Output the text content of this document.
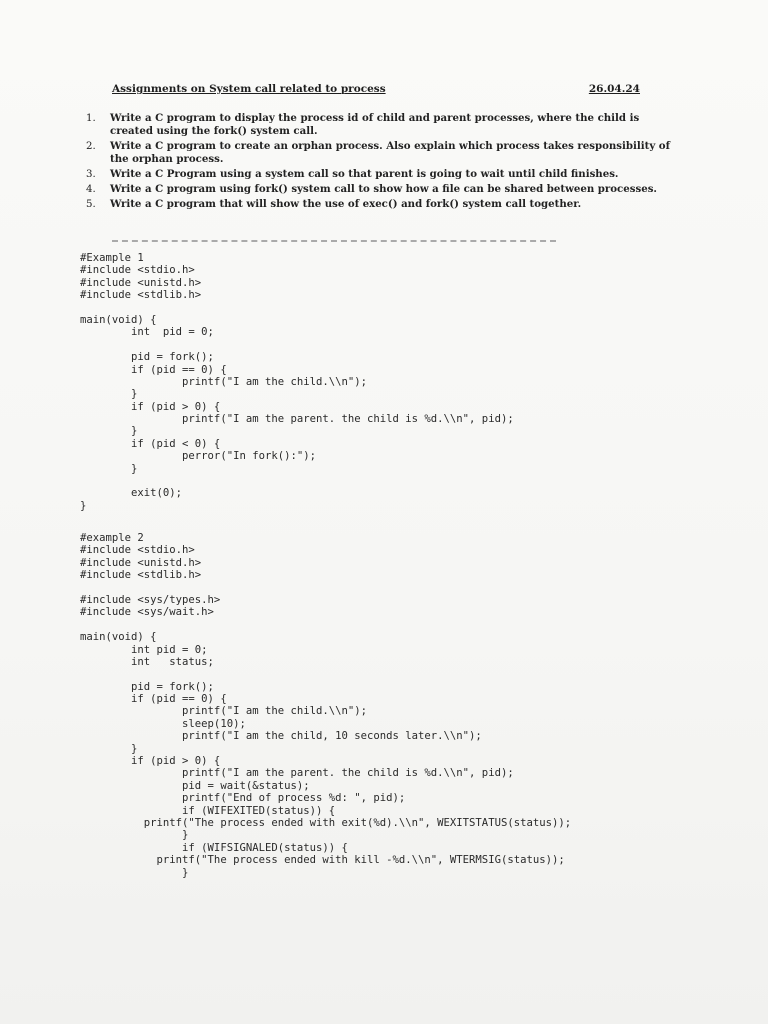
Assignments on System call related to process	26.04.24
1. Write a C program to display the process id of child and parent processes, where the child is created using the fork() system call.
2. Write a C program to create an orphan process. Also explain which process takes responsibility of the orphan process.
3. Write a C Program using a system call so that parent is going to wait until child finishes.
4. Write a C program using fork() system call to show how a file can be shared between processes.
5. Write a C program that will show the use of exec() and fork() system call together.
#Example 1
#include <stdio.h>
#include <unistd.h>
#include <stdlib.h>
main(void) {
int  pid = 0;
pid = fork();
if (pid == 0) {
printf("I am the child.\\n");
}
if (pid > 0) {
printf("I am the parent. the child is %d.\\n", pid);
}
if (pid < 0) {
perror("In fork():");
}
exit(0);
}
#example 2
#include <stdio.h>
#include <unistd.h>
#include <stdlib.h>
#include <sys/types.h>
#include <sys/wait.h>
main(void) {
int pid = 0;
int   status;
pid = fork();
if (pid == 0) {
printf("I am the child.\\n");
sleep(10);
printf("I am the child, 10 seconds later.\\n");
}
if (pid > 0) {
printf("I am the parent. the child is %d.\\n", pid);
pid = wait(&status);
printf("End of process %d: ", pid);
if (WIFEXITED(status)) {
printf("The process ended with exit(%d).\\n", WEXITSTATUS(status));
}
if (WIFSIGNALED(status)) {
printf("The process ended with kill -%d.\\n", WTERMSIG(status));
}
